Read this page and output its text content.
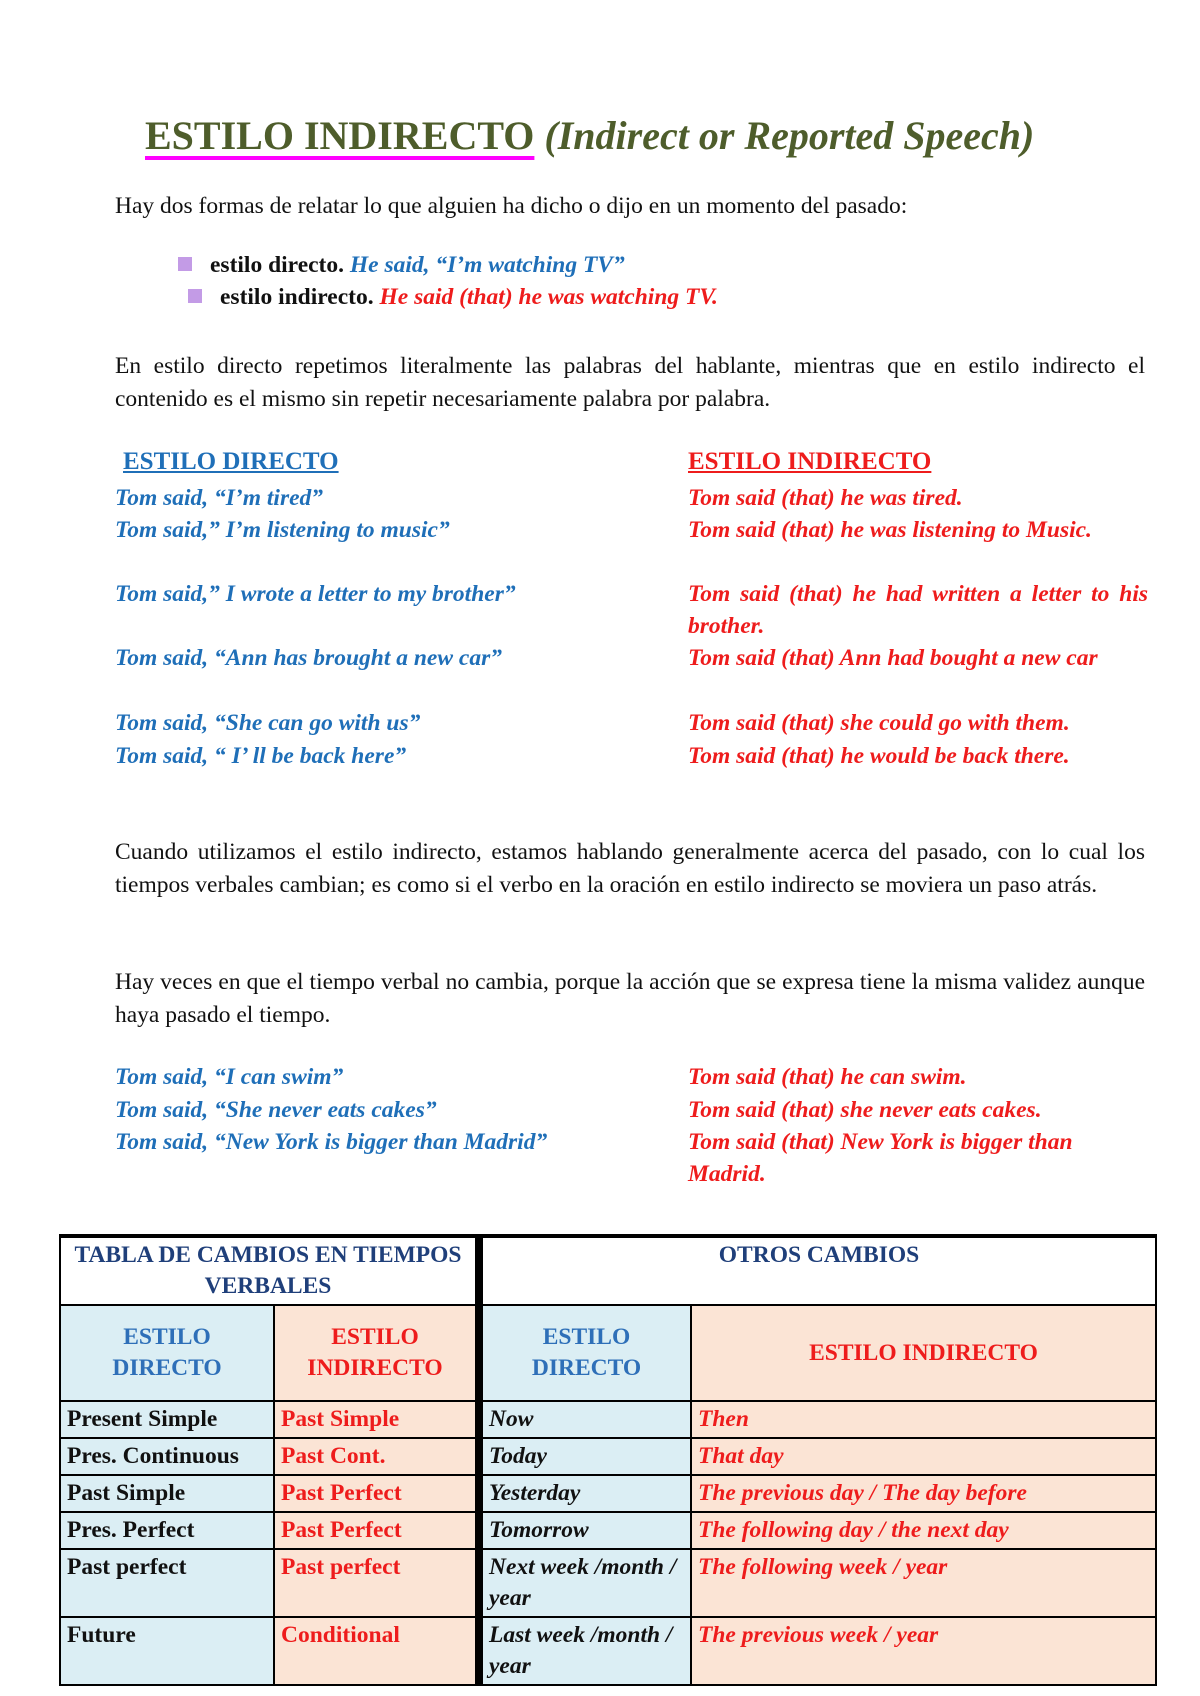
ESTILO INDIRECTO (Indirect or Reported Speech)
Hay dos formas de relatar lo que alguien ha dicho o dijo en un momento del pasado:
estilo directo. He said, “I’m watching TV”
estilo indirecto. He said (that) he was watching TV.
En estilo directo repetimos literalmente las palabras del hablante, mientras que en estilo indirecto el contenido es el mismo sin repetir necesariamente palabra por palabra.
ESTILO DIRECTO	ESTILO INDIRECTO
Tom said, “I’m tired”	Tom said (that) he was tired.
Tom said,” I’m listening to music”	Tom said (that) he was listening to Music.
Tom said,” I wrote a letter to my brother”	Tom said (that) he had written a letter to his brother.
Tom said, “Ann has brought a new car”	Tom said (that) Ann had bought a new car
Tom said, “She can go with us”	Tom said (that) she could go with them.
Tom said, “ I’ ll be back here”	Tom said (that) he would be back there.
Cuando utilizamos el estilo indirecto, estamos hablando generalmente acerca del pasado, con lo cual los tiempos verbales cambian; es como si el verbo en la oración en estilo indirecto se moviera un paso atrás.
Hay veces en que el tiempo verbal no cambia, porque la acción que se expresa tiene la misma validez aunque haya pasado el tiempo.
Tom said, “I can swim”	Tom said (that) he can swim.
Tom said, “She never eats cakes”	Tom said (that) she never eats cakes.
Tom said, “New York is bigger than Madrid”	Tom said (that) New York is bigger than Madrid.
TABLA DE CAMBIOS EN TIEMPOS VERBALES		OTROS CAMBIOS	
ESTILO DIRECTO	ESTILO INDIRECTO	ESTILO DIRECTO	ESTILO INDIRECTO
Present Simple	Past Simple	Now	Then
Pres. Continuous	Past Cont.	Today	That day
Past Simple	Past Perfect	Yesterday	The previous day / The day before
Pres. Perfect	Past Perfect	Tomorrow	The following day / the next day
Past perfect	Past perfect	Next week /month / year	The following week / year
Future	Conditional	Last week /month / year	The previous week / year
